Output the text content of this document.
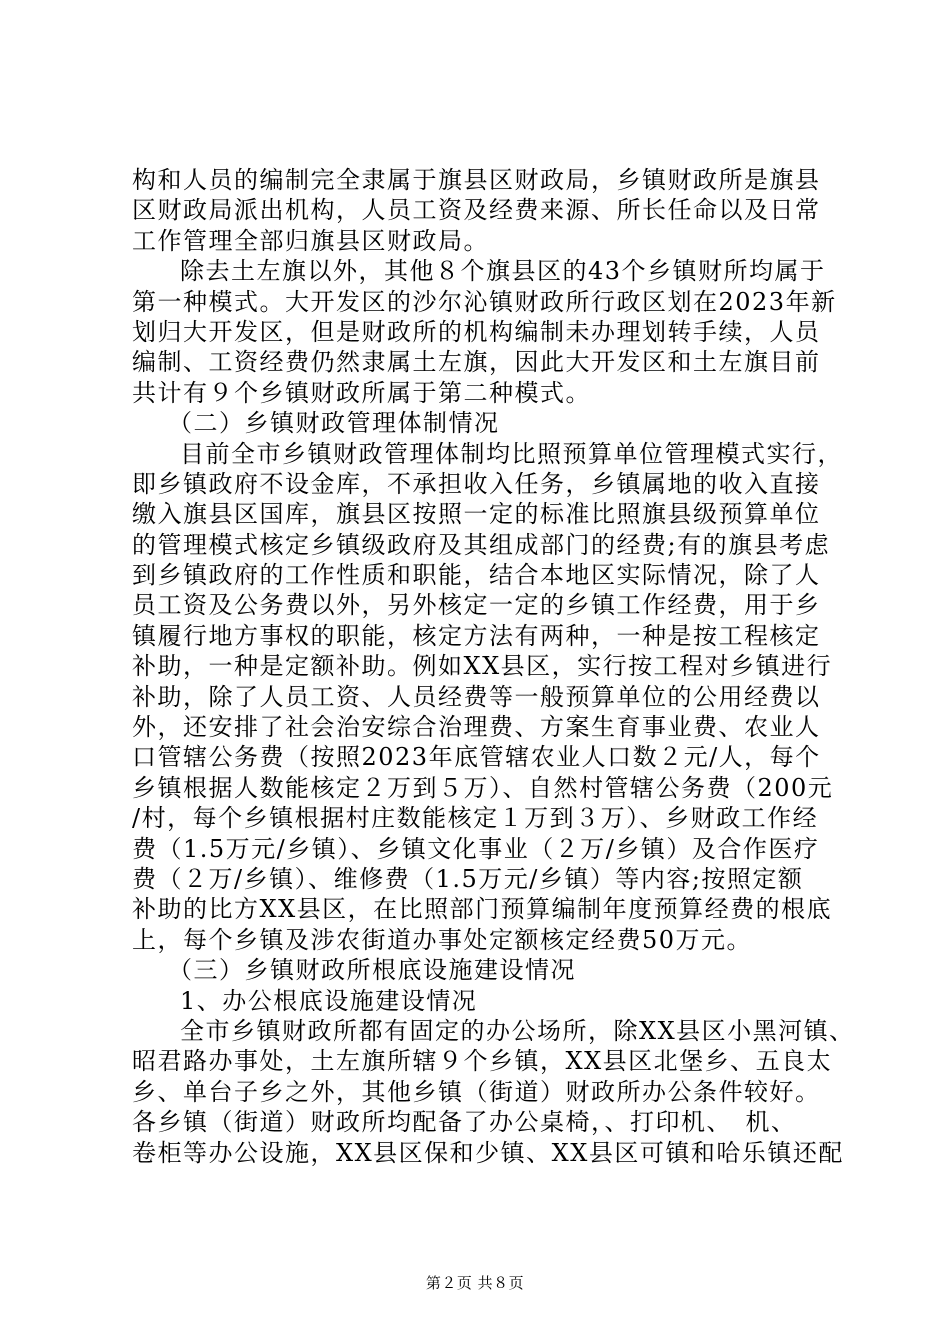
构和人员的编制完全隶属于旗县区财政局，乡镇财政所是旗县
区财政局派出机构，人员工资及经费来源、所长任命以及日常
工作管理全部归旗县区财政局。
除去土左旗以外，其他８个旗县区的43个乡镇财所均属于
第一种模式。大开发区的沙尔沁镇财政所行政区划在2023年新
划归大开发区，但是财政所的机构编制未办理划转手续，人员
编制、工资经费仍然隶属土左旗，因此大开发区和土左旗目前
共计有９个乡镇财政所属于第二种模式。
（二）乡镇财政管理体制情况
目前全市乡镇财政管理体制均比照预算单位管理模式实行，
即乡镇政府不设金库，不承担收入任务，乡镇属地的收入直接
缴入旗县区国库，旗县区按照一定的标准比照旗县级预算单位
的管理模式核定乡镇级政府及其组成部门的经费;有的旗县考虑
到乡镇政府的工作性质和职能，结合本地区实际情况，除了人
员工资及公务费以外，另外核定一定的乡镇工作经费，用于乡
镇履行地方事权的职能，核定方法有两种，一种是按工程核定
补助，一种是定额补助。例如XX县区，实行按工程对乡镇进行
补助，除了人员工资、人员经费等一般预算单位的公用经费以
外，还安排了社会治安综合治理费、方案生育事业费、农业人
口管辖公务费（按照2023年底管辖农业人口数２元/人，每个
乡镇根据人数能核定２万到５万）、自然村管辖公务费（200元
/村，每个乡镇根据村庄数能核定１万到３万）、乡财政工作经
费（1.5万元/乡镇）、乡镇文化事业（２万/乡镇）及合作医疗
费（２万/乡镇）、维修费（1.5万元/乡镇）等内容;按照定额
补助的比方XX县区，在比照部门预算编制年度预算经费的根底
上，每个乡镇及涉农街道办事处定额核定经费50万元。
（三）乡镇财政所根底设施建设情况
1、办公根底设施建设情况
全市乡镇财政所都有固定的办公场所，除XX县区小黑河镇、
昭君路办事处，土左旗所辖９个乡镇，XX县区北堡乡、五良太
乡、单台子乡之外，其他乡镇（街道）财政所办公条件较好。
各乡镇（街道）财政所均配备了办公桌椅，、打印机、　机、
卷柜等办公设施，XX县区保和少镇、XX县区可镇和哈乐镇还配
第２页 共８页
